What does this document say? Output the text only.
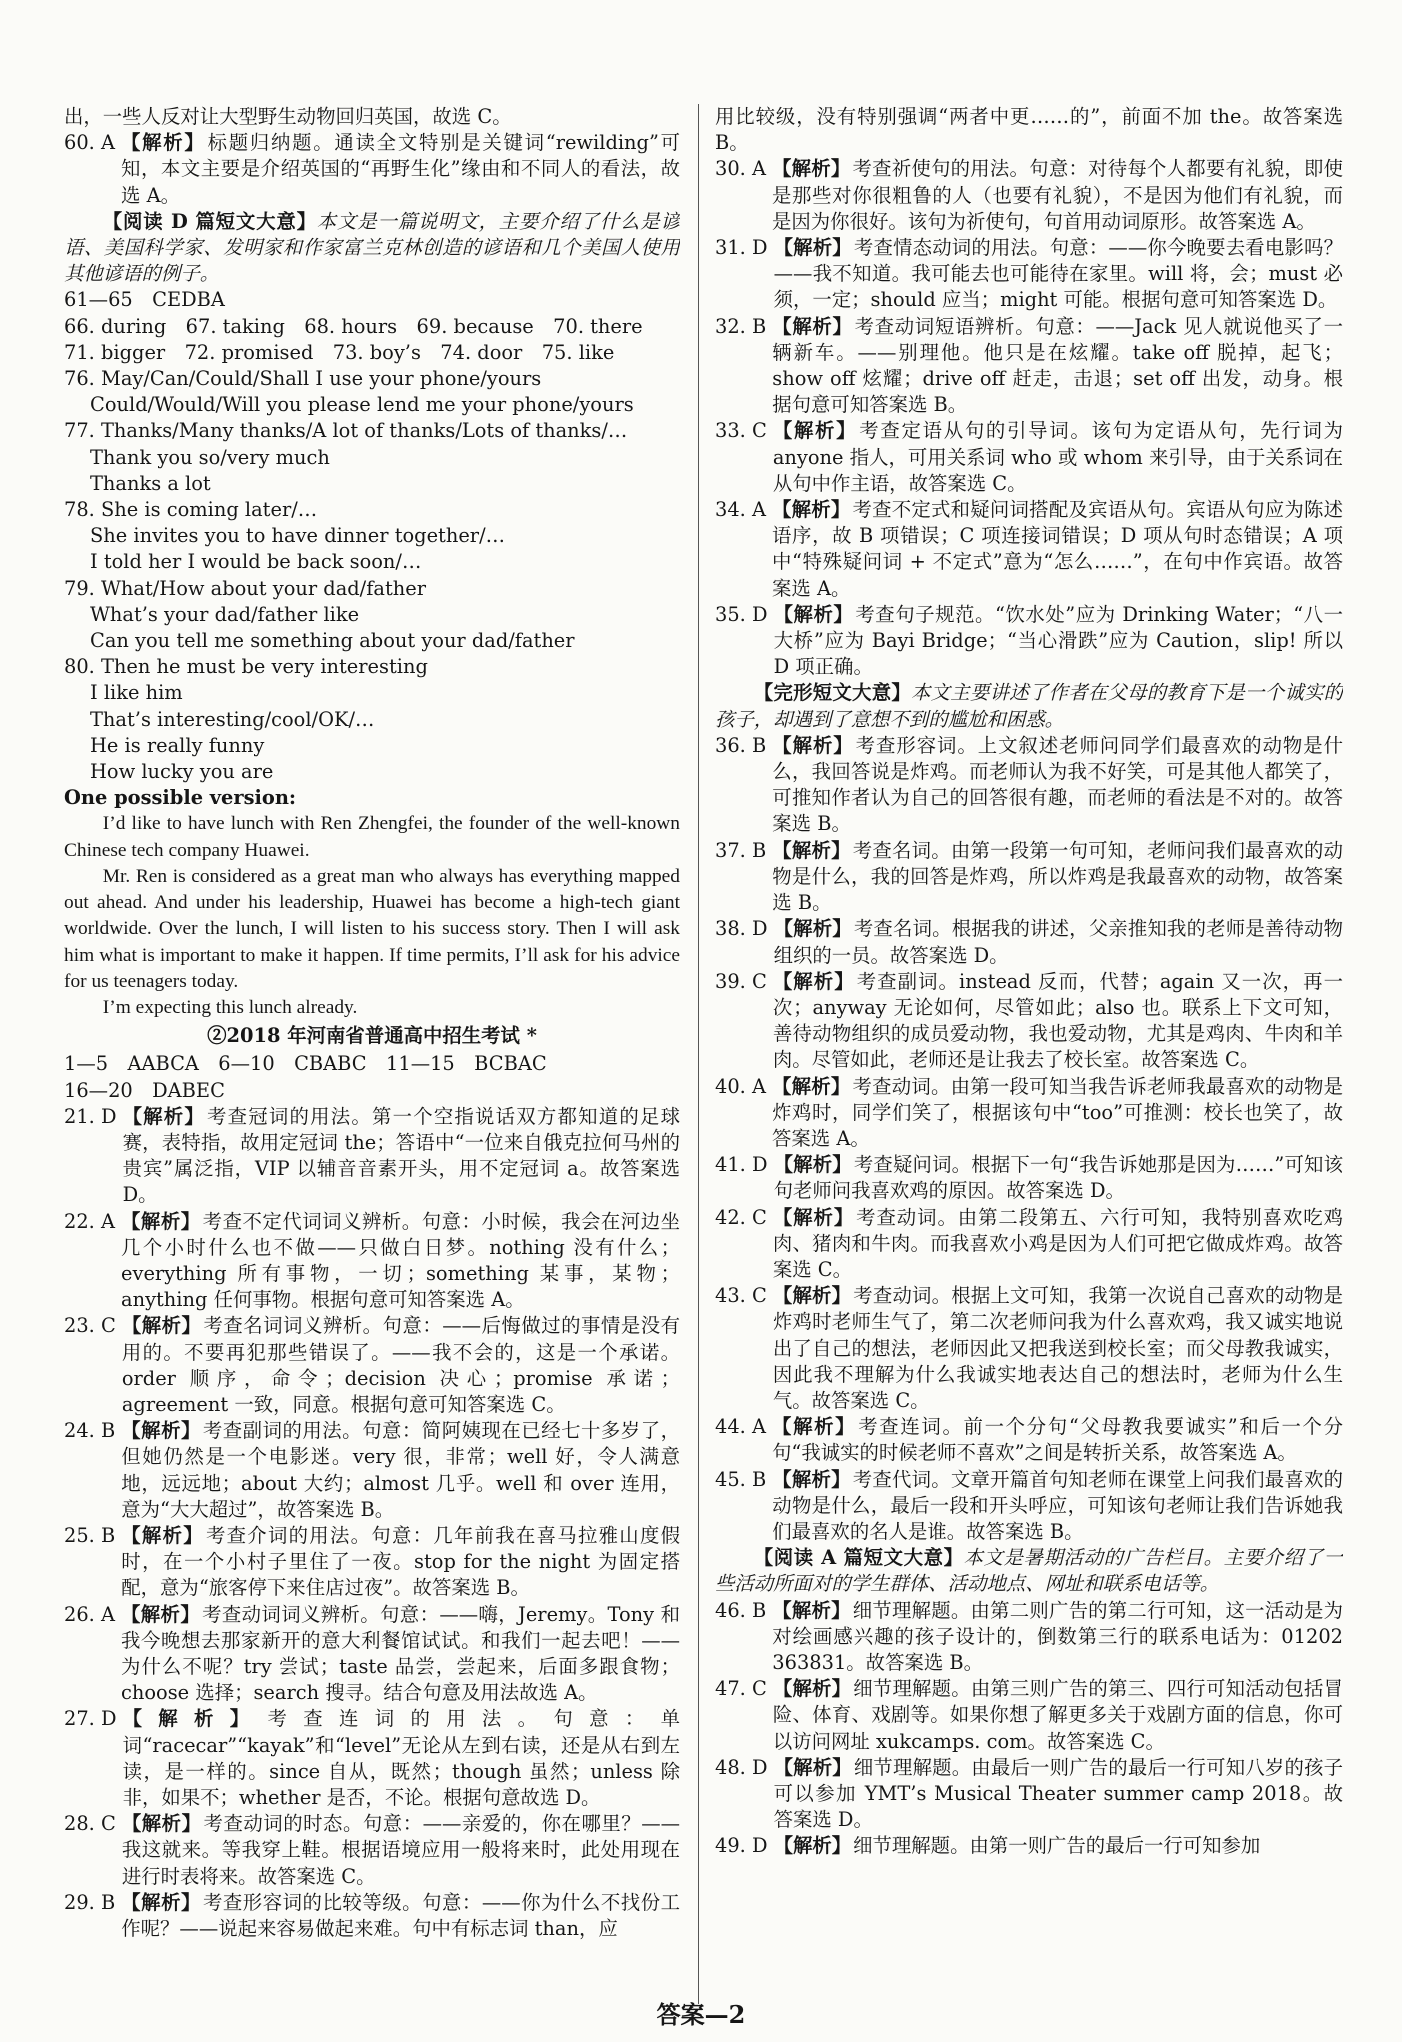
出，一些人反对让大型野生动物回归英国，故选 C。

60. A 【解析】 标题归纳题。通读全文特别是关键词“rewilding”可知，本文主要是介绍英国的“再野生化”缘由和不同人的看法，故选 A。

【阅读 D 篇短文大意】本文是一篇说明文，主要介绍了什么是谚语、美国科学家、发明家和作家富兰克林创造的谚语和几个美国人使用其他谚语的例子。

61—65　CEDBA
66. during　67. taking　68. hours　69. because　70. there
71. bigger　72. promised　73. boy’s　74. door　75. like
76. May/Can/Could/Shall I use your phone/yours
Could/Would/Will you please lend me your phone/yours
77. Thanks/Many thanks/A lot of thanks/Lots of thanks/…
Thank you so/very much
Thanks a lot
78. She is coming later/…
She invites you to have dinner together/…
I told her I would be back soon/…
79. What/How about your dad/father
What’s your dad/father like
Can you tell me something about your dad/father
80. Then he must be very interesting
I like him
That’s interesting/cool/OK/…
He is really funny
How lucky you are
One possible version:

I’d like to have lunch with Ren Zhengfei, the founder of the well-known Chinese tech company Huawei.

Mr. Ren is considered as a great man who always has everything mapped out ahead. And under his leadership, Huawei has become a high-tech giant worldwide. Over the lunch, I will listen to his success story. Then I will ask him what is important to make it happen. If time permits, I’ll ask for his advice for us teenagers today.

I’m expecting this lunch already.

②2018 年河南省普通高中招生考试 *
1—5　AABCA　6—10　CBABC　11—15　BCBAC
16—20　DABEC
21. D 【解析】 考查冠词的用法。第一个空指说话双方都知道的足球赛，表特指，故用定冠词 the；答语中“一位来自俄克拉何马州的贵宾”属泛指，VIP 以辅音音素开头，用不定冠词 a。故答案选 D。
22. A 【解析】 考查不定代词词义辨析。句意：小时候，我会在河边坐几个小时什么也不做——只做白日梦。nothing 没有什么；everything 所有事物，一切；something 某事，某物；anything 任何事物。根据句意可知答案选 A。
23. C 【解析】 考查名词词义辨析。句意：——后悔做过的事情是没有用的。不要再犯那些错误了。——我不会的，这是一个承诺。order 顺序，命令；decision 决心；promise 承诺；agreement 一致，同意。根据句意可知答案选 C。
24. B 【解析】 考查副词的用法。句意：简阿姨现在已经七十多岁了，但她仍然是一个电影迷。very 很，非常；well 好，令人满意地，远远地；about 大约；almost 几乎。well 和 over 连用，意为“大大超过”，故答案选 B。
25. B 【解析】 考查介词的用法。句意：几年前我在喜马拉雅山度假时，在一个小村子里住了一夜。stop for the night 为固定搭配，意为“旅客停下来住店过夜”。故答案选 B。
26. A 【解析】 考查动词词义辨析。句意：——嗨，Jeremy。Tony 和我今晚想去那家新开的意大利餐馆试试。和我们一起去吧！——为什么不呢？try 尝试；taste 品尝，尝起来，后面多跟食物；choose 选择；search 搜寻。结合句意及用法故选 A。
27. D 【解析】 考查连词的用法。句意：单词“racecar”“kayak”和“level”无论从左到右读，还是从右到左读，是一样的。since 自从，既然；though 虽然；unless 除非，如果不；whether 是否，不论。根据句意故选 D。
28. C 【解析】 考查动词的时态。句意：——亲爱的，你在哪里？——我这就来。等我穿上鞋。根据语境应用一般将来时，此处用现在进行时表将来。故答案选 C。
29. B 【解析】 考查形容词的比较等级。句意：——你为什么不找份工作呢？——说起来容易做起来难。句中有标志词 than，应

用比较级，没有特别强调“两者中更……的”，前面不加 the。故答案选 B。

30. A 【解析】 考查祈使句的用法。句意：对待每个人都要有礼貌，即使是那些对你很粗鲁的人（也要有礼貌），不是因为他们有礼貌，而是因为你很好。该句为祈使句，句首用动词原形。故答案选 A。
31. D 【解析】 考查情态动词的用法。句意：——你今晚要去看电影吗？——我不知道。我可能去也可能待在家里。will 将，会；must 必须，一定；should 应当；might 可能。根据句意可知答案选 D。
32. B 【解析】 考查动词短语辨析。句意：——Jack 见人就说他买了一辆新车。——别理他。他只是在炫耀。take off 脱掉，起飞；show off 炫耀；drive off 赶走，击退；set off 出发，动身。根据句意可知答案选 B。
33. C 【解析】 考查定语从句的引导词。该句为定语从句，先行词为 anyone 指人，可用关系词 who 或 whom 来引导，由于关系词在从句中作主语，故答案选 C。
34. A 【解析】 考查不定式和疑问词搭配及宾语从句。宾语从句应为陈述语序，故 B 项错误；C 项连接词错误；D 项从句时态错误；A 项中“特殊疑问词 + 不定式”意为“怎么……”，在句中作宾语。故答案选 A。
35. D 【解析】 考查句子规范。“饮水处”应为 Drinking Water；“八一大桥”应为 Bayi Bridge；“当心滑跌”应为 Caution，slip! 所以 D 项正确。

【完形短文大意】本文主要讲述了作者在父母的教育下是一个诚实的孩子，却遇到了意想不到的尴尬和困惑。

36. B 【解析】 考查形容词。上文叙述老师问同学们最喜欢的动物是什么，我回答说是炸鸡。而老师认为我不好笑，可是其他人都笑了，可推知作者认为自己的回答很有趣，而老师的看法是不对的。故答案选 B。
37. B 【解析】 考查名词。由第一段第一句可知，老师问我们最喜欢的动物是什么，我的回答是炸鸡，所以炸鸡是我最喜欢的动物，故答案选 B。
38. D 【解析】 考查名词。根据我的讲述，父亲推知我的老师是善待动物组织的一员。故答案选 D。
39. C 【解析】 考查副词。instead 反而，代替；again 又一次，再一次；anyway 无论如何，尽管如此；also 也。联系上下文可知，善待动物组织的成员爱动物，我也爱动物，尤其是鸡肉、牛肉和羊肉。尽管如此，老师还是让我去了校长室。故答案选 C。
40. A 【解析】 考查动词。由第一段可知当我告诉老师我最喜欢的动物是炸鸡时，同学们笑了，根据该句中“too”可推测：校长也笑了，故答案选 A。
41. D 【解析】 考查疑问词。根据下一句“我告诉她那是因为……”可知该句老师问我喜欢鸡的原因。故答案选 D。
42. C 【解析】 考查动词。由第二段第五、六行可知，我特别喜欢吃鸡肉、猪肉和牛肉。而我喜欢小鸡是因为人们可把它做成炸鸡。故答案选 C。
43. C 【解析】 考查动词。根据上文可知，我第一次说自己喜欢的动物是炸鸡时老师生气了，第二次老师问我为什么喜欢鸡，我又诚实地说出了自己的想法，老师因此又把我送到校长室；而父母教我诚实，因此我不理解为什么我诚实地表达自己的想法时，老师为什么生气。故答案选 C。
44. A 【解析】 考查连词。前一个分句“父母教我要诚实”和后一个分句“我诚实的时候老师不喜欢”之间是转折关系，故答案选 A。
45. B 【解析】 考查代词。文章开篇首句知老师在课堂上问我们最喜欢的动物是什么，最后一段和开头呼应，可知该句老师让我们告诉她我们最喜欢的名人是谁。故答案选 B。

【阅读 A 篇短文大意】本文是暑期活动的广告栏目。主要介绍了一些活动所面对的学生群体、活动地点、网址和联系电话等。

46. B 【解析】 细节理解题。由第二则广告的第二行可知，这一活动是为对绘画感兴趣的孩子设计的，倒数第三行的联系电话为：01202 363831。故答案选 B。
47. C 【解析】 细节理解题。由第三则广告的第三、四行可知活动包括冒险、体育、戏剧等。如果你想了解更多关于戏剧方面的信息，你可以访问网址 xukcamps. com。故答案选 C。
48. D 【解析】 细节理解题。由最后一则广告的最后一行可知八岁的孩子可以参加 YMT’s Musical Theater summer camp 2018。故答案选 D。
49. D 【解析】 细节理解题。由第一则广告的最后一行可知参加
答案—2
